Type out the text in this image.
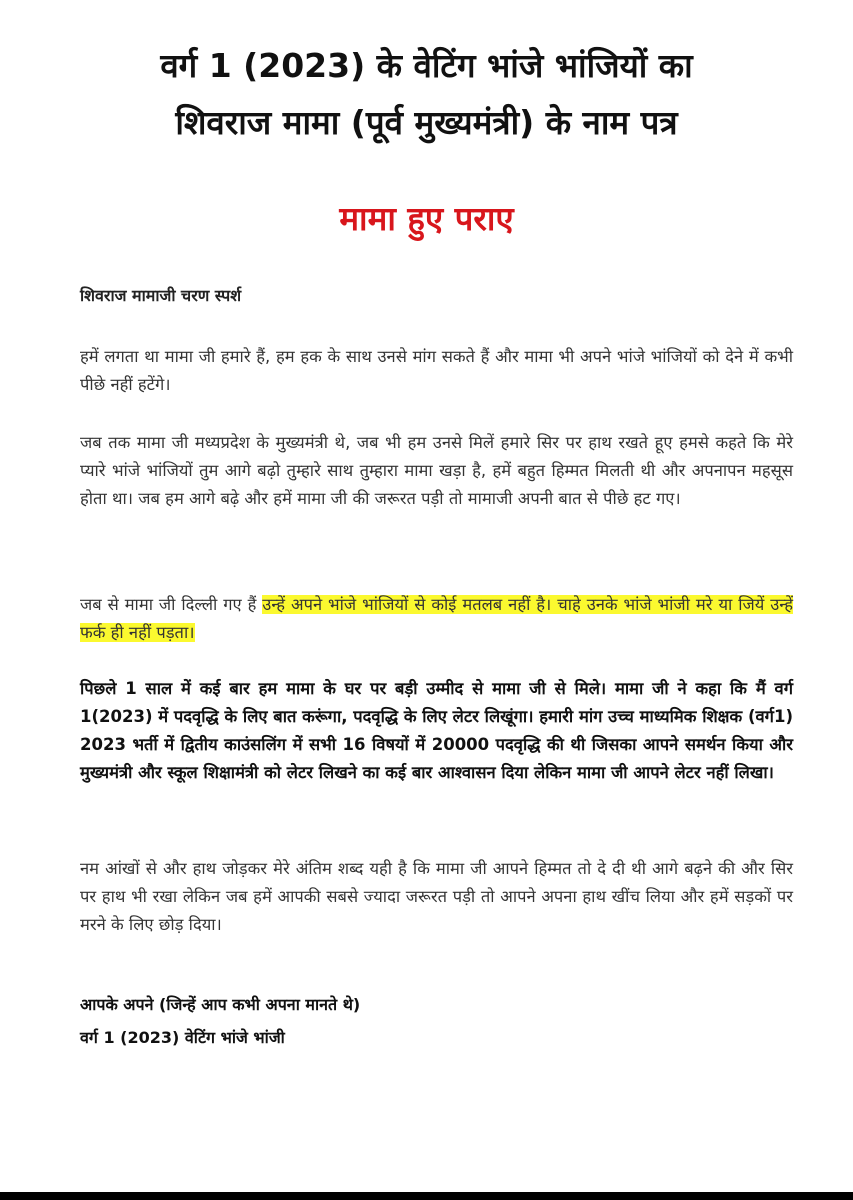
वर्ग 1 (2023) के वेटिंग भांजे भांजियों का
शिवराज मामा (पूर्व मुख्यमंत्री) के नाम पत्र
मामा हुए पराए
शिवराज मामाजी चरण स्पर्श
हमें लगता था मामा जी हमारे हैं, हम हक के साथ उनसे मांग सकते हैं और मामा भी अपने भांजे भांजियों को देने में कभी पीछे नहीं हटेंगे।
जब तक मामा जी मध्यप्रदेश के मुख्यमंत्री थे, जब भी हम उनसे मिलें हमारे सिर पर हाथ रखते हूए हमसे कहते कि मेरे प्यारे भांजे भांजियों तुम आगे बढ़ो तुम्हारे साथ तुम्हारा मामा खड़ा है, हमें बहुत हिम्मत मिलती थी और अपनापन महसूस होता था। जब हम आगे बढ़े और हमें मामा जी की जरूरत पड़ी तो मामाजी अपनी बात से पीछे हट गए।
जब से मामा जी दिल्ली गए हैं उन्हें अपने भांजे भांजियों से कोई मतलब नहीं है। चाहे उनके भांजे भांजी मरे या जियें उन्हें फर्क ही नहीं पड़ता।
पिछले 1 साल में कई बार हम मामा के घर पर बड़ी उम्मीद से मामा जी से मिले। मामा जी ने कहा कि मैं वर्ग 1(2023) में पदवृद्धि के लिए बात करूंगा, पदवृद्धि के लिए लेटर लिखूंगा। हमारी मांग उच्च माध्यमिक शिक्षक (वर्ग1) 2023 भर्ती में द्वितीय काउंसलिंग में सभी 16 विषयों में 20000 पदवृद्धि की थी जिसका आपने समर्थन किया और मुख्यमंत्री और स्कूल शिक्षामंत्री को लेटर लिखने का कई बार आश्वासन दिया लेकिन मामा जी आपने लेटर नहीं लिखा।
नम आंखों से और हाथ जोड़कर मेरे अंतिम शब्द यही है कि मामा जी आपने हिम्मत तो दे दी थी आगे बढ़ने की और सिर पर हाथ भी रखा लेकिन जब हमें आपकी सबसे ज्यादा जरूरत पड़ी तो आपने अपना हाथ खींच लिया और हमें सड़कों पर मरने के लिए छोड़ दिया।
आपके अपने (जिन्हें आप कभी अपना मानते थे)
वर्ग 1 (2023) वेटिंग भांजे भांजी
